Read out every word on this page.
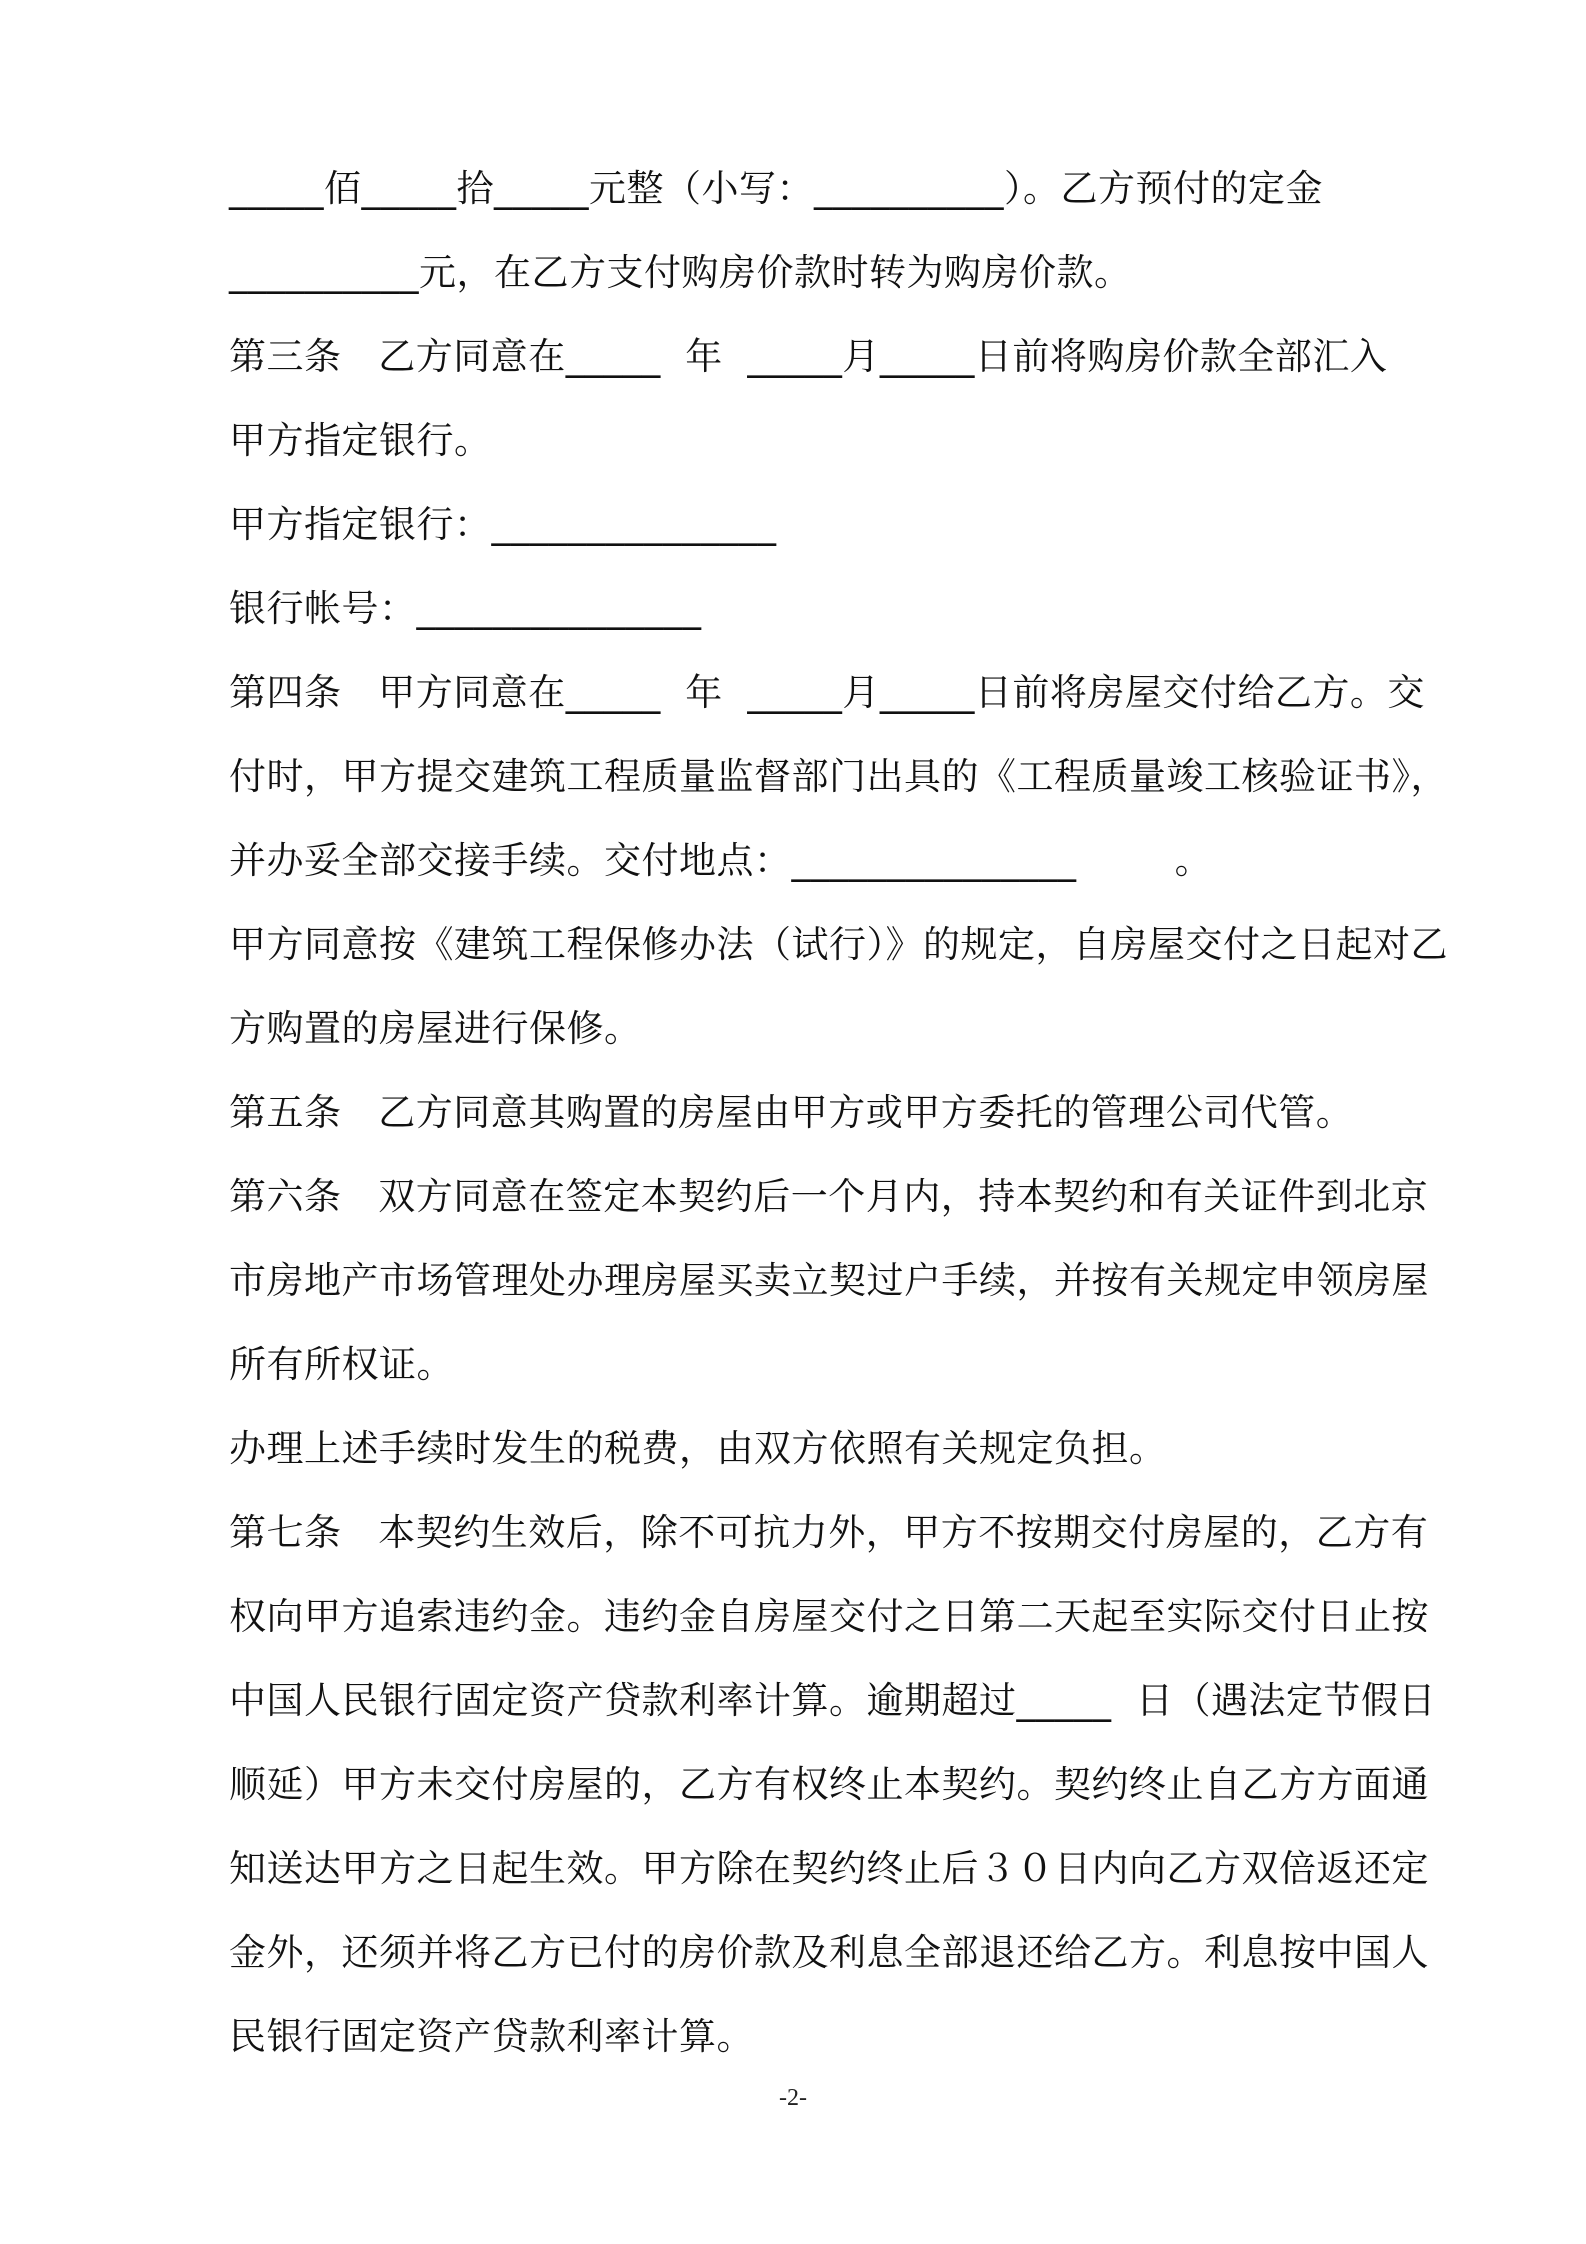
_____佰_____拾_____元整（小写：__________）。乙方预付的定金
__________元，在乙方支付购房价款时转为购房价款。
第三条   乙方同意在_____  年  _____月_____日前将购房价款全部汇入
甲方指定银行。
甲方指定银行：_______________
银行帐号：_______________
第四条   甲方同意在_____  年  _____月_____日前将房屋交付给乙方。交
付时，甲方提交建筑工程质量监督部门出具的《工程质量竣工核验证书》，
并办妥全部交接手续。交付地点：_______________        。
甲方同意按《建筑工程保修办法（试行）》的规定，自房屋交付之日起对乙
方购置的房屋进行保修。
第五条   乙方同意其购置的房屋由甲方或甲方委托的管理公司代管。
第六条   双方同意在签定本契约后一个月内，持本契约和有关证件到北京
市房地产市场管理处办理房屋买卖立契过户手续，并按有关规定申领房屋
所有所权证。
办理上述手续时发生的税费，由双方依照有关规定负担。
第七条   本契约生效后，除不可抗力外，甲方不按期交付房屋的，乙方有
权向甲方追索违约金。违约金自房屋交付之日第二天起至实际交付日止按
中国人民银行固定资产贷款利率计算。逾期超过_____  日（遇法定节假日
顺延）甲方未交付房屋的，乙方有权终止本契约。契约终止自乙方方面通
知送达甲方之日起生效。甲方除在契约终止后３０日内向乙方双倍返还定
金外，还须并将乙方已付的房价款及利息全部退还给乙方。利息按中国人
民银行固定资产贷款利率计算。
-2-
